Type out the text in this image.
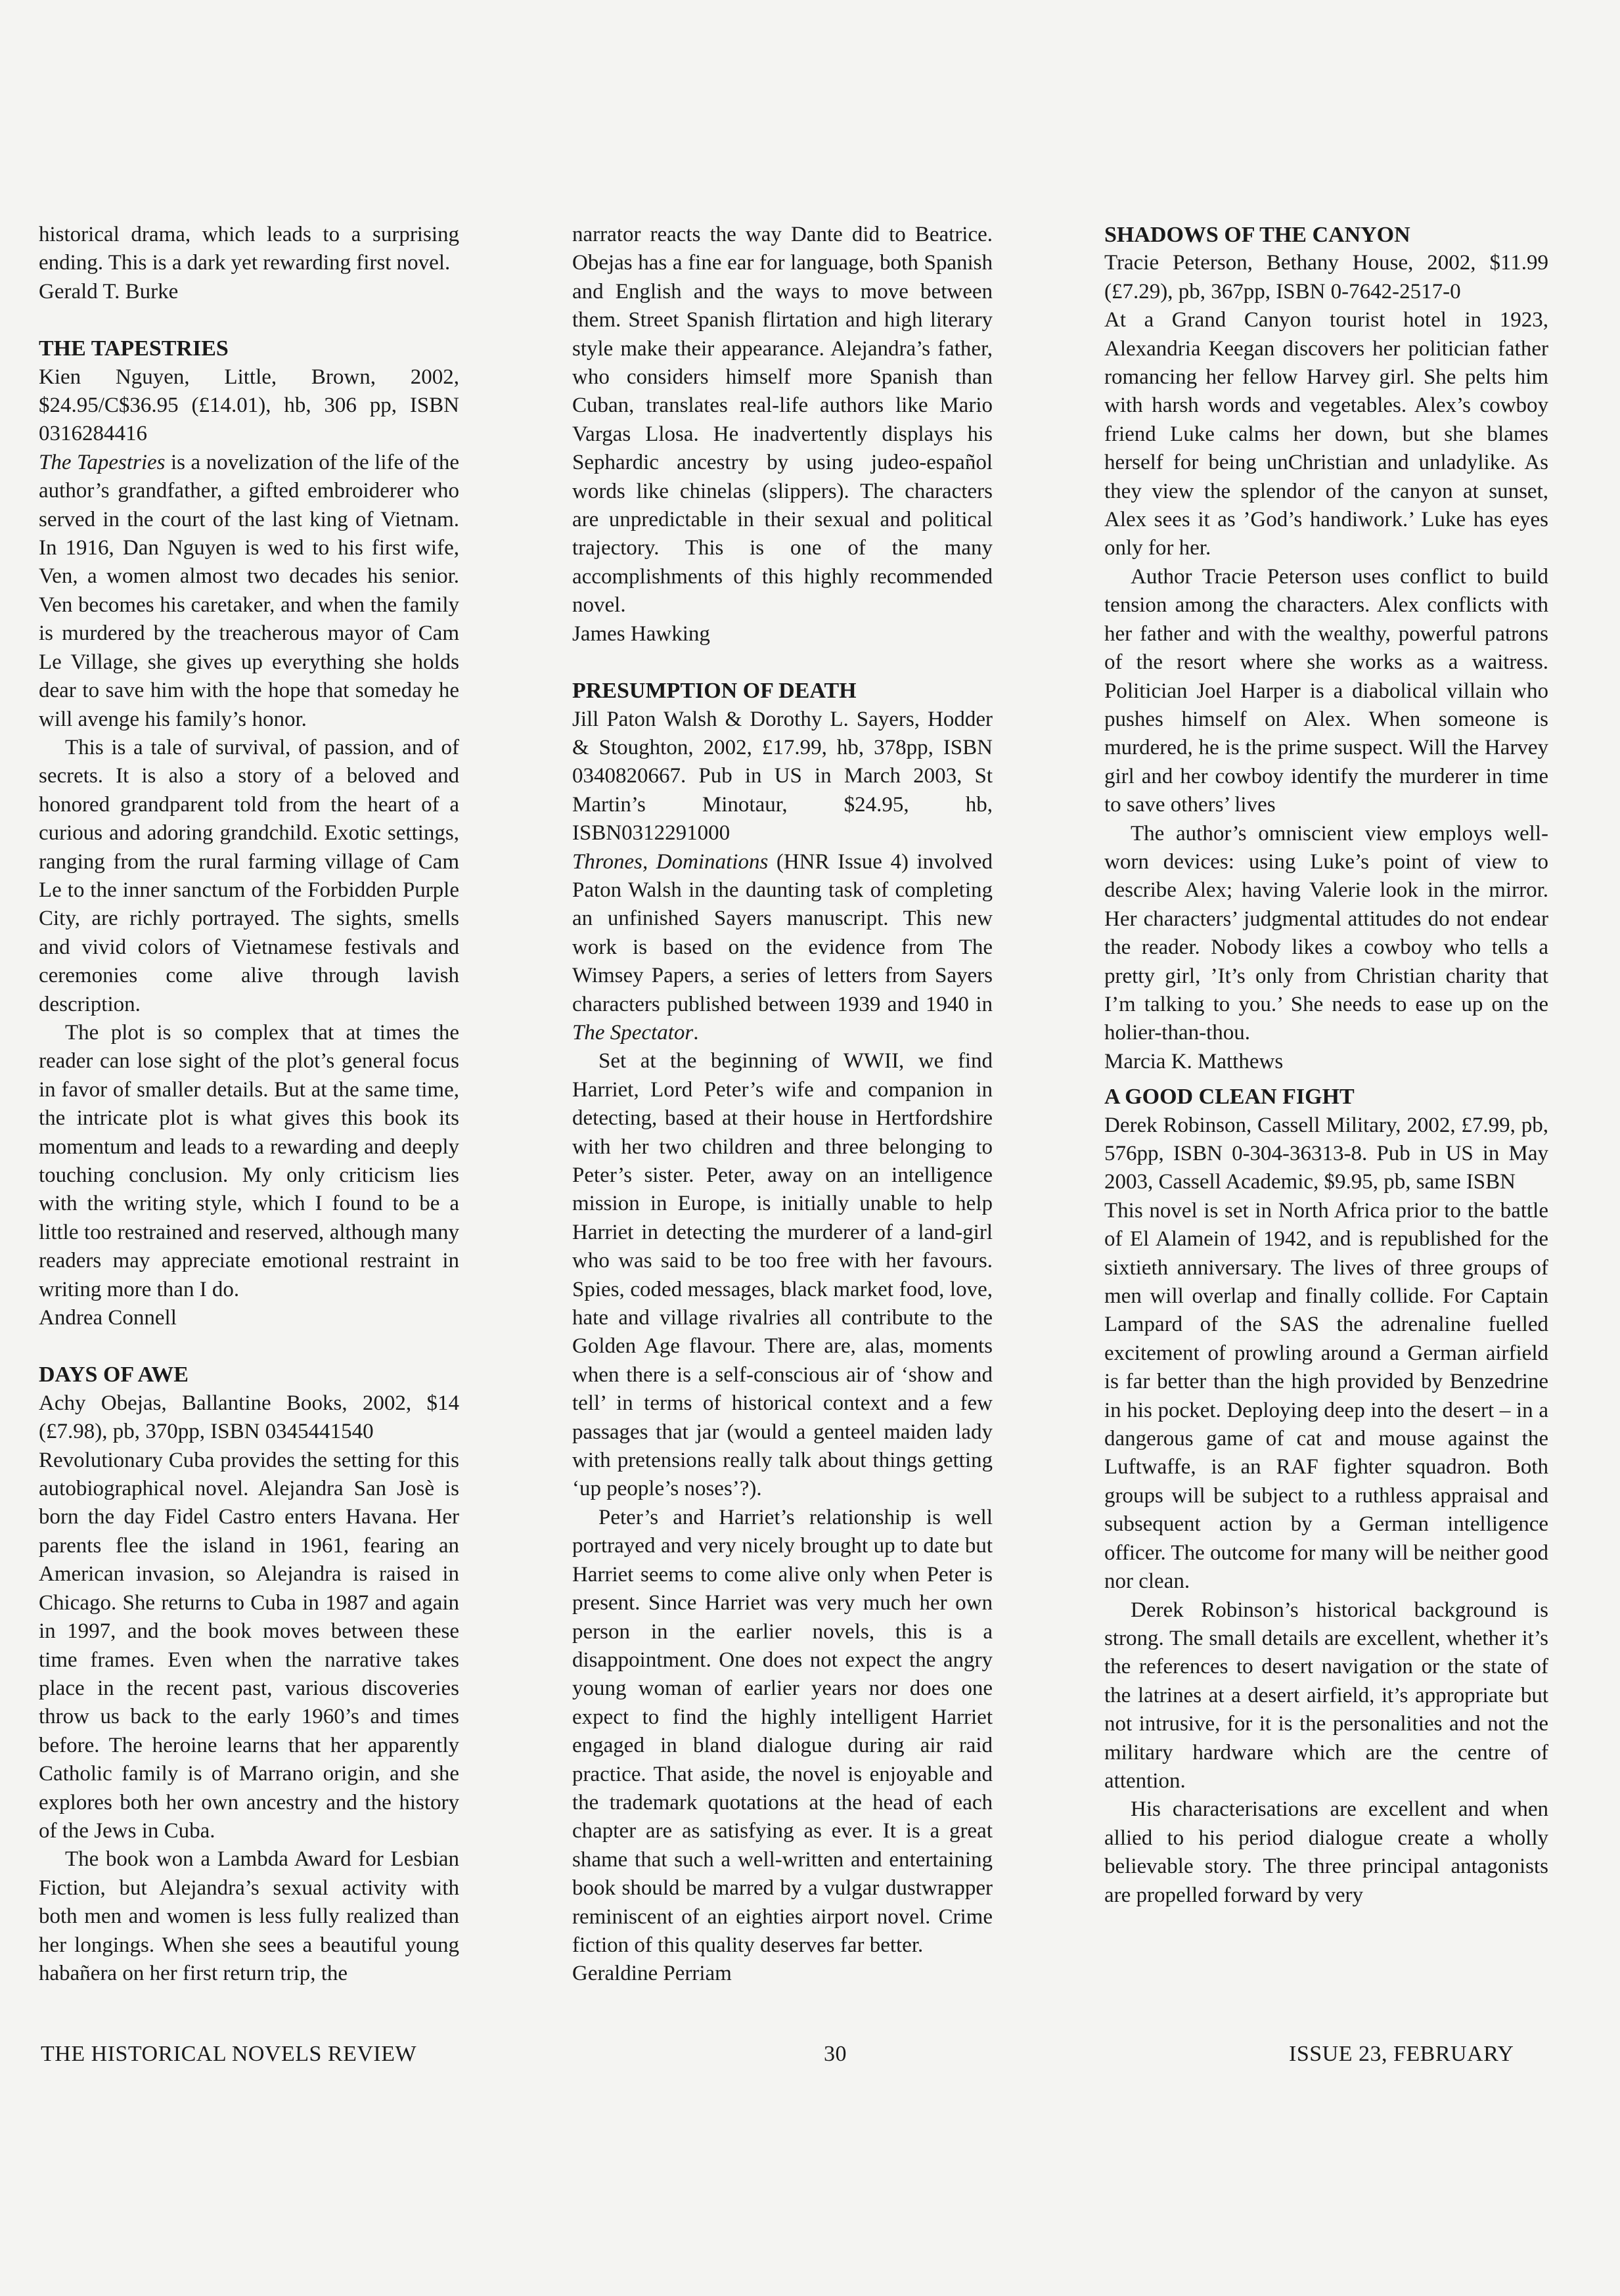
historical drama, which leads to a surprising ending. This is a dark yet rewarding first novel.

Gerald T. Burke

THE TAPESTRIES

Kien Nguyen, Little, Brown, 2002, $24.95/C$36.95 (£14.01), hb, 306 pp, ISBN 0316284416

The Tapestries is a novelization of the life of the author’s grandfather, a gifted embroiderer who served in the court of the last king of Vietnam. In 1916, Dan Nguyen is wed to his first wife, Ven, a women almost two decades his senior. Ven becomes his caretaker, and when the family is murdered by the treacherous mayor of Cam Le Village, she gives up everything she holds dear to save him with the hope that someday he will avenge his family’s honor.

This is a tale of survival, of passion, and of secrets. It is also a story of a beloved and honored grandparent told from the heart of a curious and adoring grandchild. Exotic settings, ranging from the rural farming village of Cam Le to the inner sanctum of the Forbidden Purple City, are richly portrayed. The sights, smells and vivid colors of Vietnamese festivals and ceremonies come alive through lavish description.

The plot is so complex that at times the reader can lose sight of the plot’s general focus in favor of smaller details. But at the same time, the intricate plot is what gives this book its momentum and leads to a rewarding and deeply touching conclusion. My only criticism lies with the writing style, which I found to be a little too restrained and reserved, although many readers may appreciate emotional restraint in writing more than I do.

Andrea Connell

DAYS OF AWE

Achy Obejas, Ballantine Books, 2002, $14 (£7.98), pb, 370pp, ISBN 0345441540

Revolutionary Cuba provides the setting for this autobiographical novel. Alejandra San Josè is born the day Fidel Castro enters Havana. Her parents flee the island in 1961, fearing an American invasion, so Alejandra is raised in Chicago. She returns to Cuba in 1987 and again in 1997, and the book moves between these time frames. Even when the narrative takes place in the recent past, various discoveries throw us back to the early 1960’s and times before. The heroine learns that her apparently Catholic family is of Marrano origin, and she explores both her own ancestry and the history of the Jews in Cuba.

The book won a Lambda Award for Lesbian Fiction, but Alejandra’s sexual activity with both men and women is less fully realized than her longings. When she sees a beautiful young habañera on her first return trip, the

narrator reacts the way Dante did to Beatrice. Obejas has a fine ear for language, both Spanish and English and the ways to move between them. Street Spanish flirtation and high literary style make their appearance. Alejandra’s father, who considers himself more Spanish than Cuban, translates real-life authors like Mario Vargas Llosa. He inadvertently displays his Sephardic ancestry by using judeo-español words like chinelas (slippers). The characters are unpredictable in their sexual and political trajectory. This is one of the many accomplishments of this highly recommended novel.

James Hawking

PRESUMPTION OF DEATH

Jill Paton Walsh & Dorothy L. Sayers, Hodder & Stoughton, 2002, £17.99, hb, 378pp, ISBN 0340820667. Pub in US in March 2003, St Martin’s Minotaur, $24.95, hb, ISBN0312291000

Thrones, Dominations (HNR Issue 4) involved Paton Walsh in the daunting task of completing an unfinished Sayers manuscript. This new work is based on the evidence from The Wimsey Papers, a series of letters from Sayers characters published between 1939 and 1940 in The Spectator.

Set at the beginning of WWII, we find Harriet, Lord Peter’s wife and companion in detecting, based at their house in Hertfordshire with her two children and three belonging to Peter’s sister. Peter, away on an intelligence mission in Europe, is initially unable to help Harriet in detecting the murderer of a land-girl who was said to be too free with her favours. Spies, coded messages, black market food, love, hate and village rivalries all contribute to the Golden Age flavour. There are, alas, moments when there is a self-conscious air of ‘show and tell’ in terms of historical context and a few passages that jar (would a genteel maiden lady with pretensions really talk about things getting ‘up people’s noses’?).

Peter’s and Harriet’s relationship is well portrayed and very nicely brought up to date but Harriet seems to come alive only when Peter is present. Since Harriet was very much her own person in the earlier novels, this is a disappointment. One does not expect the angry young woman of earlier years nor does one expect to find the highly intelligent Harriet engaged in bland dialogue during air raid practice. That aside, the novel is enjoyable and the trademark quotations at the head of each chapter are as satisfying as ever. It is a great shame that such a well-written and entertaining book should be marred by a vulgar dustwrapper reminiscent of an eighties airport novel. Crime fiction of this quality deserves far better.

Geraldine Perriam

SHADOWS OF THE CANYON

Tracie Peterson, Bethany House, 2002, $11.99 (£7.29), pb, 367pp, ISBN 0-7642-2517-0

At a Grand Canyon tourist hotel in 1923, Alexandria Keegan discovers her politician father romancing her fellow Harvey girl. She pelts him with harsh words and vegetables. Alex’s cowboy friend Luke calms her down, but she blames herself for being unChristian and unladylike. As they view the splendor of the canyon at sunset, Alex sees it as ’God’s handiwork.’ Luke has eyes only for her.

Author Tracie Peterson uses conflict to build tension among the characters. Alex conflicts with her father and with the wealthy, powerful patrons of the resort where she works as a waitress. Politician Joel Harper is a diabolical villain who pushes himself on Alex. When someone is murdered, he is the prime suspect. Will the Harvey girl and her cowboy identify the murderer in time to save others’ lives

The author’s omniscient view employs well-worn devices: using Luke’s point of view to describe Alex; having Valerie look in the mirror. Her characters’ judgmental attitudes do not endear the reader. Nobody likes a cowboy who tells a pretty girl, ’It’s only from Christian charity that I’m talking to you.’ She needs to ease up on the holier-than-thou.

Marcia K. Matthews

A GOOD CLEAN FIGHT

Derek Robinson, Cassell Military, 2002, £7.99, pb, 576pp, ISBN 0-304-36313-8. Pub in US in May 2003, Cassell Academic, $9.95, pb, same ISBN

This novel is set in North Africa prior to the battle of El Alamein of 1942, and is republished for the sixtieth anniversary. The lives of three groups of men will overlap and finally collide. For Captain Lampard of the SAS the adrenaline fuelled excitement of prowling around a German airfield is far better than the high provided by Benzedrine in his pocket. Deploying deep into the desert – in a dangerous game of cat and mouse against the Luftwaffe, is an RAF fighter squadron. Both groups will be subject to a ruthless appraisal and subsequent action by a German intelligence officer. The outcome for many will be neither good nor clean.

Derek Robinson’s historical background is strong. The small details are excellent, whether it’s the references to desert navigation or the state of the latrines at a desert airfield, it’s appropriate but not intrusive, for it is the personalities and not the military hardware which are the centre of attention.

His characterisations are excellent and when allied to his period dialogue create a wholly believable story. The three principal antagonists are propelled forward by very

THE HISTORICAL NOVELS REVIEW	30	ISSUE 23, FEBRUARY
